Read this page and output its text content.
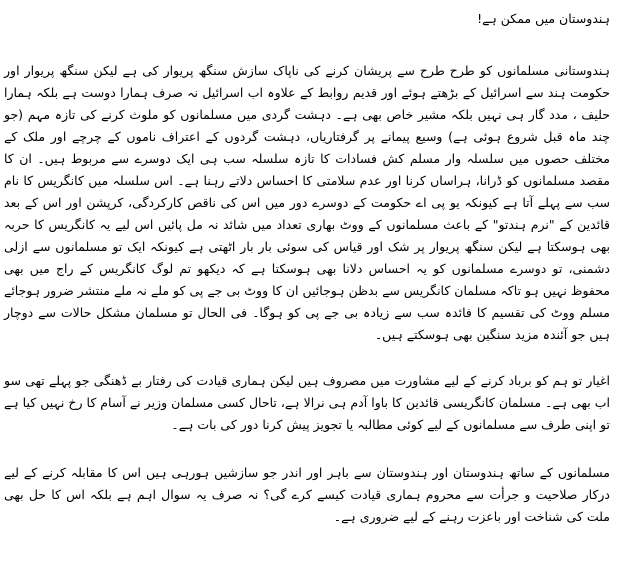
ہندوستان میں ممکن ہے!

ہندوستانی مسلمانوں کو طرح طرح سے پریشان کرنے کی ناپاک سازش سنگھ پریوار کی ہے لیکن سنگھ پریوار اور حکومت ہند سے اسرائیل کے بڑھتے ہوئے اور قدیم روابط کے علاوہ اب اسرائیل نہ صرف ہمارا دوست ہے بلکہ ہمارا حلیف ، مدد گار ہی نہیں بلکہ مشیر خاص بھی ہے۔ دہشت گردی میں مسلمانوں کو ملوث کرنے کی تازہ مہم (جو چند ماہ قبل شروع ہوئی ہے) وسیع پیمانے پر گرفتاریاں، دہشت گردوں کے اعتراف ناموں کے چرچے اور ملک کے مختلف حصوں میں سلسلہ وار مسلم کش فسادات کا تازہ سلسلہ سب ہی ایک دوسرے سے مربوط ہیں۔ ان کا مقصد مسلمانوں کو ڈرانا، ہراساں کرنا اور عدم سلامتی کا احساس دلاتے رہنا ہے۔ اس سلسلہ میں کانگریس کا نام سب سے پہلے آتا ہے کیونکہ یو پی اے حکومت کے دوسرے دور میں اس کی ناقص کارکردگی، کرپشن اور اس کے بعد قائدین کے "نرم ہندتو" کے باعث مسلمانوں کے ووٹ بھاری تعداد میں شائد نہ مل پائیں اس لیے یہ کانگریس کا حربہ بھی ہوسکتا ہے لیکن سنگھ پریوار پر شک اور قیاس کی سوئی بار بار اٹھتی ہے کیونکہ ایک تو مسلمانوں سے ازلی دشمنی، تو دوسرے مسلمانوں کو یہ احساس دلانا بھی ہوسکتا ہے کہ دیکھو تم لوگ کانگریس کے راج میں بھی محفوظ نہیں ہو تاکہ مسلمان کانگریس سے بدظن ہوجائیں ان کا ووٹ بی جے پی کو ملے نہ ملے منتشر ضرور ہوجائے مسلم ووٹ کی تقسیم کا فائدہ سب سے زیادہ بی جے پی کو ہوگا۔ فی الحال تو مسلمان مشکل حالات سے دوچار ہیں جو آئندہ مزید سنگین بھی ہوسکتے ہیں۔

اغیار تو ہم کو برباد کرنے کے لیے مشاورت میں مصروف ہیں لیکن ہماری قیادت کی رفتار بے ڈھنگی جو پہلے تھی سو اب بھی ہے۔ مسلمان کانگریسی قائدین کا باوا آدم ہی نرالا ہے، تاحال کسی مسلمان وزیر نے آسام کا رخ نہیں کیا ہے تو اپنی طرف سے مسلمانوں کے لیے کوئی مطالبہ یا تجویز پیش کرنا دور کی بات ہے۔

مسلمانوں کے ساتھ ہندوستان اور ہندوستان سے باہر اور اندر جو سازشیں ہورہی ہیں اس کا مقابلہ کرنے کے لیے درکار صلاحیت و جرأت سے محروم ہماری قیادت کیسے کرے گی؟ نہ صرف یہ سوال اہم ہے بلکہ اس کا حل بھی ملت کی شناخت اور باعزت رہنے کے لیے ضروری ہے۔
